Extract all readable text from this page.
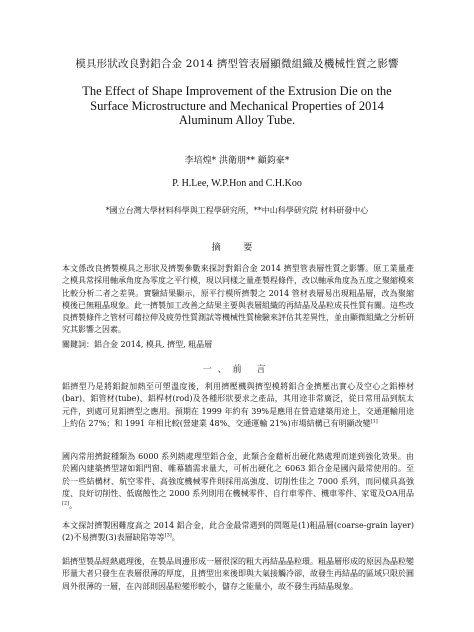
模具形狀改良對鋁合金 2014 擠型管表層顯微組織及機械性質之影響
The Effect of Shape Improvement of the Extrusion Die on the
Surface Microstructure and Mechanical Properties of 2014
Aluminum Alloy Tube.
李培煌* 洪衛朋** 顧鈞豪*
P. H.Lee, W.P.Hon and C.H.Koo
*國立台灣大學材料科學與工程學研究所，**中山科學研究院 材料研發中心
摘 要

本文係改良擠製模具之形狀及擠製參數來探討對鋁合金 2014 擠型管表層性質之影響。原工業量產之模具常採用軸承角度為零度之平行模，現以同樣之量產製程條件，改以軸承角度為五度之聚縮模來比較分析二者之差異。實驗結果顯示，原平行模所擠製之 2014 管材表層易出現粗晶層，改為聚縮模後已無粗晶現象。此一擠製加工改善之結果主要與表層組織的再結晶及晶粒成長性質有關。這些改良擠製條件之管材可藉拉伸及疲勞性質測試等機械性質檢驗來評估其差異性，並由顯微組織之分析研究其影響之因素。

關鍵詞：鋁合金 2014, 模具, 擠型, 粗晶層

一、前 言

鋁擠型乃是將鋁錠加熱至可塑溫度後，利用擠壓機與擠型模將鋁合金擠壓出實心及空心之鋁棒材(bar)、鋁管材(tube)、鋁桿材(rod)及各種形狀要求之產品，其用途非常廣泛，從日常用品到航太元件，到處可見鋁擠型之應用。預期在 1999 年約有 39%是應用在營造建築用途上，交通運輸用途上約佔 27%；和 1991 年相比較(營建業 48%、交通運輸 21%)市場結構已有明顯改變[1]

國內常用擠錠種類為 6000 系列熱處理型鋁合金，此類合金藉析出硬化熱處理而達到強化效果。由於國內建築擠型諸如鋁門窗、帷幕牆需求量大，可析出硬化之 6063 鋁合金是國內最常使用的。至於一些結構材、航空零件、高強度機械零件則採用高強度、切削性佳之 7000 系列，而同樣具高強度、良好切削性、低腐蝕性之 2000 系列則用在機械零件、自行車零件、機車零件、家電及OA用品[2]。

本文探討擠製困難度高之 2014 鋁合金，此合金最常遇到的問題是(1)粗晶層(coarse-grain layer)(2)不易擠製(3)表層缺陷等等[3]。

鋁擠型製品經熱處理後，在製品周邊形成一層很深的粗大再結晶晶粒環。粗晶層形成的原因為晶粒變形量大者只發生在表層很薄的厚度，且擠型出來後即與大氣接觸冷卻，故發生再結晶的區域只限於圓周外很薄的一層，在內部則因晶粒變形較小，儲存之能量小，故不發生再結晶現象。
